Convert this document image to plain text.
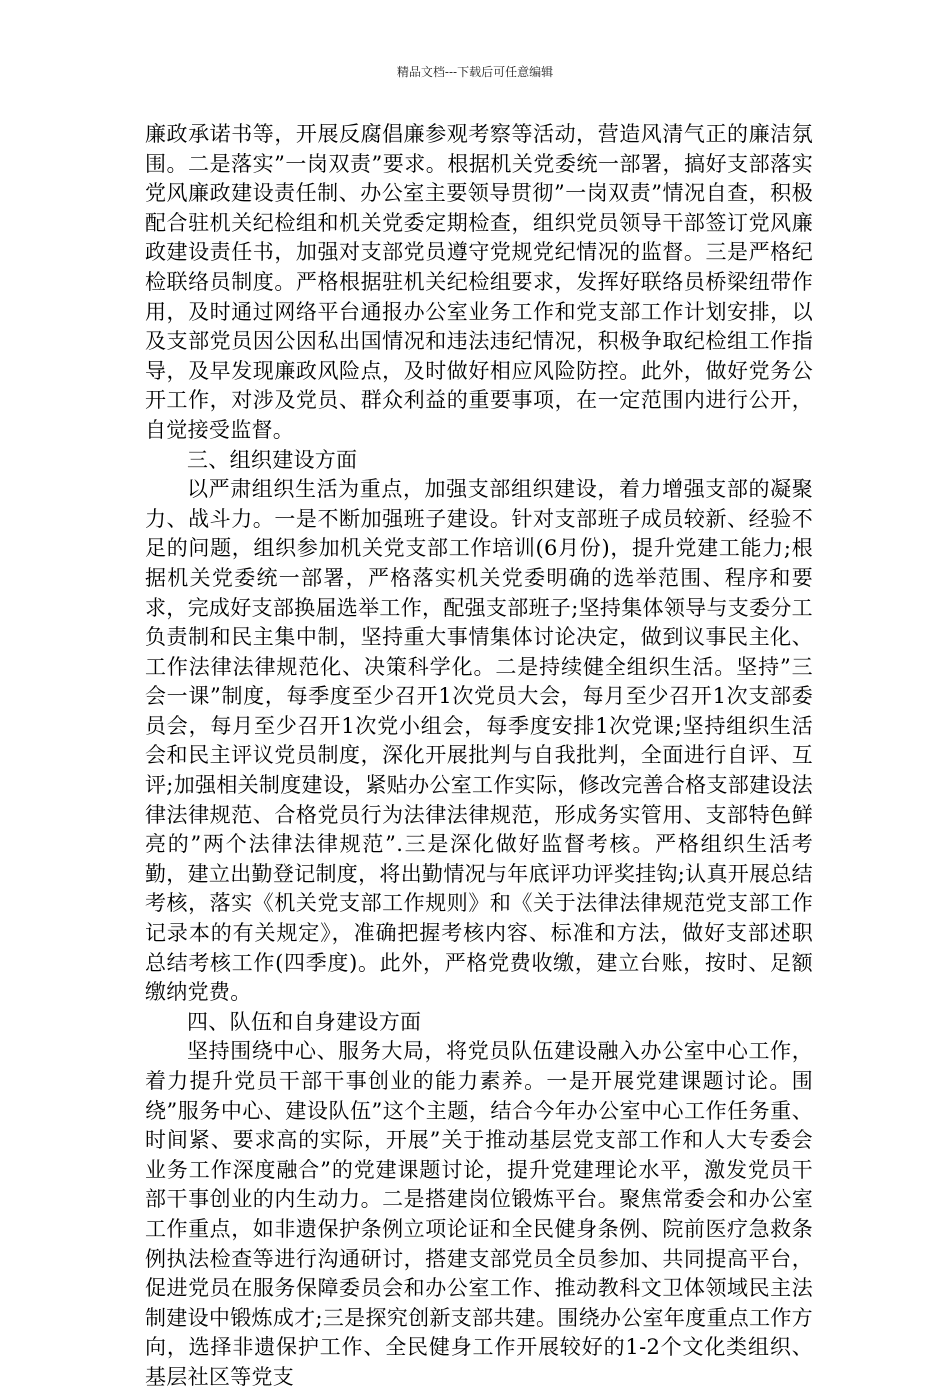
精品文档---下载后可任意编辑

廉政承诺书等，开展反腐倡廉参观考察等活动，营造风清气正的廉洁氛围。二是落实”一岗双责”要求。根据机关党委统一部署，搞好支部落实党风廉政建设责任制、办公室主要领导贯彻”一岗双责”情况自查，积极配合驻机关纪检组和机关党委定期检查，组织党员领导干部签订党风廉政建设责任书，加强对支部党员遵守党规党纪情况的监督。三是严格纪检联络员制度。严格根据驻机关纪检组要求，发挥好联络员桥梁纽带作用，及时通过网络平台通报办公室业务工作和党支部工作计划安排，以及支部党员因公因私出国情况和违法违纪情况，积极争取纪检组工作指导，及早发现廉政风险点，及时做好相应风险防控。此外，做好党务公开工作，对涉及党员、群众利益的重要事项，在一定范围内进行公开，自觉接受监督。

三、组织建设方面

以严肃组织生活为重点，加强支部组织建设，着力增强支部的凝聚力、战斗力。一是不断加强班子建设。针对支部班子成员较新、经验不足的问题，组织参加机关党支部工作培训(6月份)，提升党建工能力;根据机关党委统一部署，严格落实机关党委明确的选举范围、程序和要求，完成好支部换届选举工作，配强支部班子;坚持集体领导与支委分工负责制和民主集中制，坚持重大事情集体讨论决定，做到议事民主化、工作法律法律规范化、决策科学化。二是持续健全组织生活。坚持”三会一课”制度，每季度至少召开1次党员大会，每月至少召开1次支部委员会，每月至少召开1次党小组会，每季度安排1次党课;坚持组织生活会和民主评议党员制度，深化开展批判与自我批判，全面进行自评、互评;加强相关制度建设，紧贴办公室工作实际，修改完善合格支部建设法律法律规范、合格党员行为法律法律规范，形成务实管用、支部特色鲜亮的”两个法律法律规范”.三是深化做好监督考核。严格组织生活考勤，建立出勤登记制度，将出勤情况与年底评功评奖挂钩;认真开展总结考核，落实《机关党支部工作规则》和《关于法律法律规范党支部工作记录本的有关规定》，准确把握考核内容、标准和方法，做好支部述职总结考核工作(四季度)。此外，严格党费收缴，建立台账，按时、足额缴纳党费。

四、队伍和自身建设方面

坚持围绕中心、服务大局，将党员队伍建设融入办公室中心工作，着力提升党员干部干事创业的能力素养。一是开展党建课题讨论。围绕”服务中心、建设队伍”这个主题，结合今年办公室中心工作任务重、时间紧、要求高的实际，开展”关于推动基层党支部工作和人大专委会业务工作深度融合”的党建课题讨论，提升党建理论水平，激发党员干部干事创业的内生动力。二是搭建岗位锻炼平台。聚焦常委会和办公室工作重点，如非遗保护条例立项论证和全民健身条例、院前医疗急救条例执法检查等进行沟通研讨，搭建支部党员全员参加、共同提高平台，促进党员在服务保障委员会和办公室工作、推动教科文卫体领域民主法制建设中锻炼成才;三是探究创新支部共建。围绕办公室年度重点工作方向，选择非遗保护工作、全民健身工作开展较好的1-2个文化类组织、基层社区等党支
